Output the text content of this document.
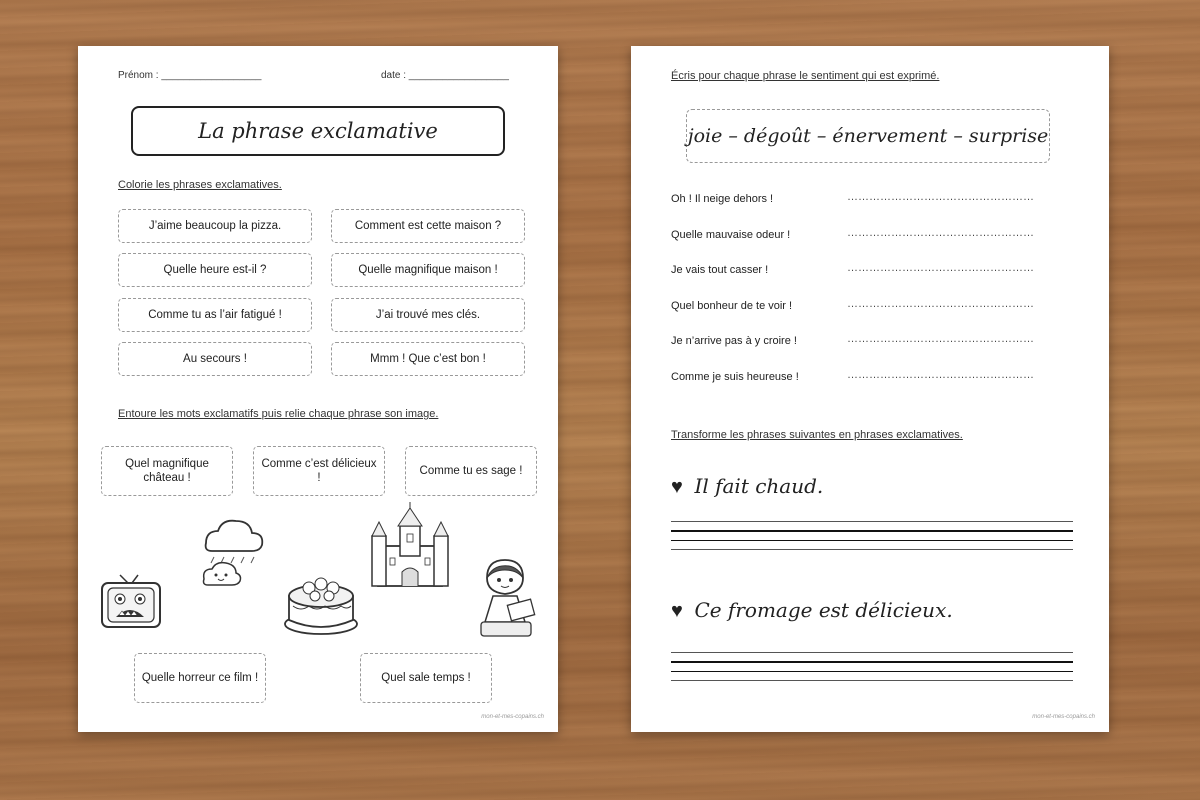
Prénom : __________________	date : __________________
La phrase exclamative
Colorie les phrases exclamatives.
J’aime beaucoup la pizza.	Comment est cette maison ?
Quelle heure est-il ?	Quelle magnifique maison !
Comme tu as l’air fatigué !	J’ai trouvé mes clés.
Au secours !	Mmm ! Que c’est bon !
Entoure les mots exclamatifs puis relie chaque phrase son image.
Quel magnifique château !
Comme c’est délicieux !
Comme tu es sage !
Quelle horreur ce film !	Quel sale temps !
mon-et-mes-copains.ch
Écris pour chaque phrase le sentiment qui est exprimé.
joie – dégoût – énervement – surprise
Oh ! Il neige dehors !	……………………………………………
Quelle mauvaise odeur !	……………………………………………
Je vais tout casser !	……………………………………………
Quel bonheur de te voir !	……………………………………………
Je n’arrive pas à y croire !	……………………………………………
Comme je suis heureuse !	……………………………………………
Transforme les phrases suivantes en phrases exclamatives.
♥ Il fait chaud.
♥ Ce fromage est délicieux.
mon-et-mes-copains.ch
